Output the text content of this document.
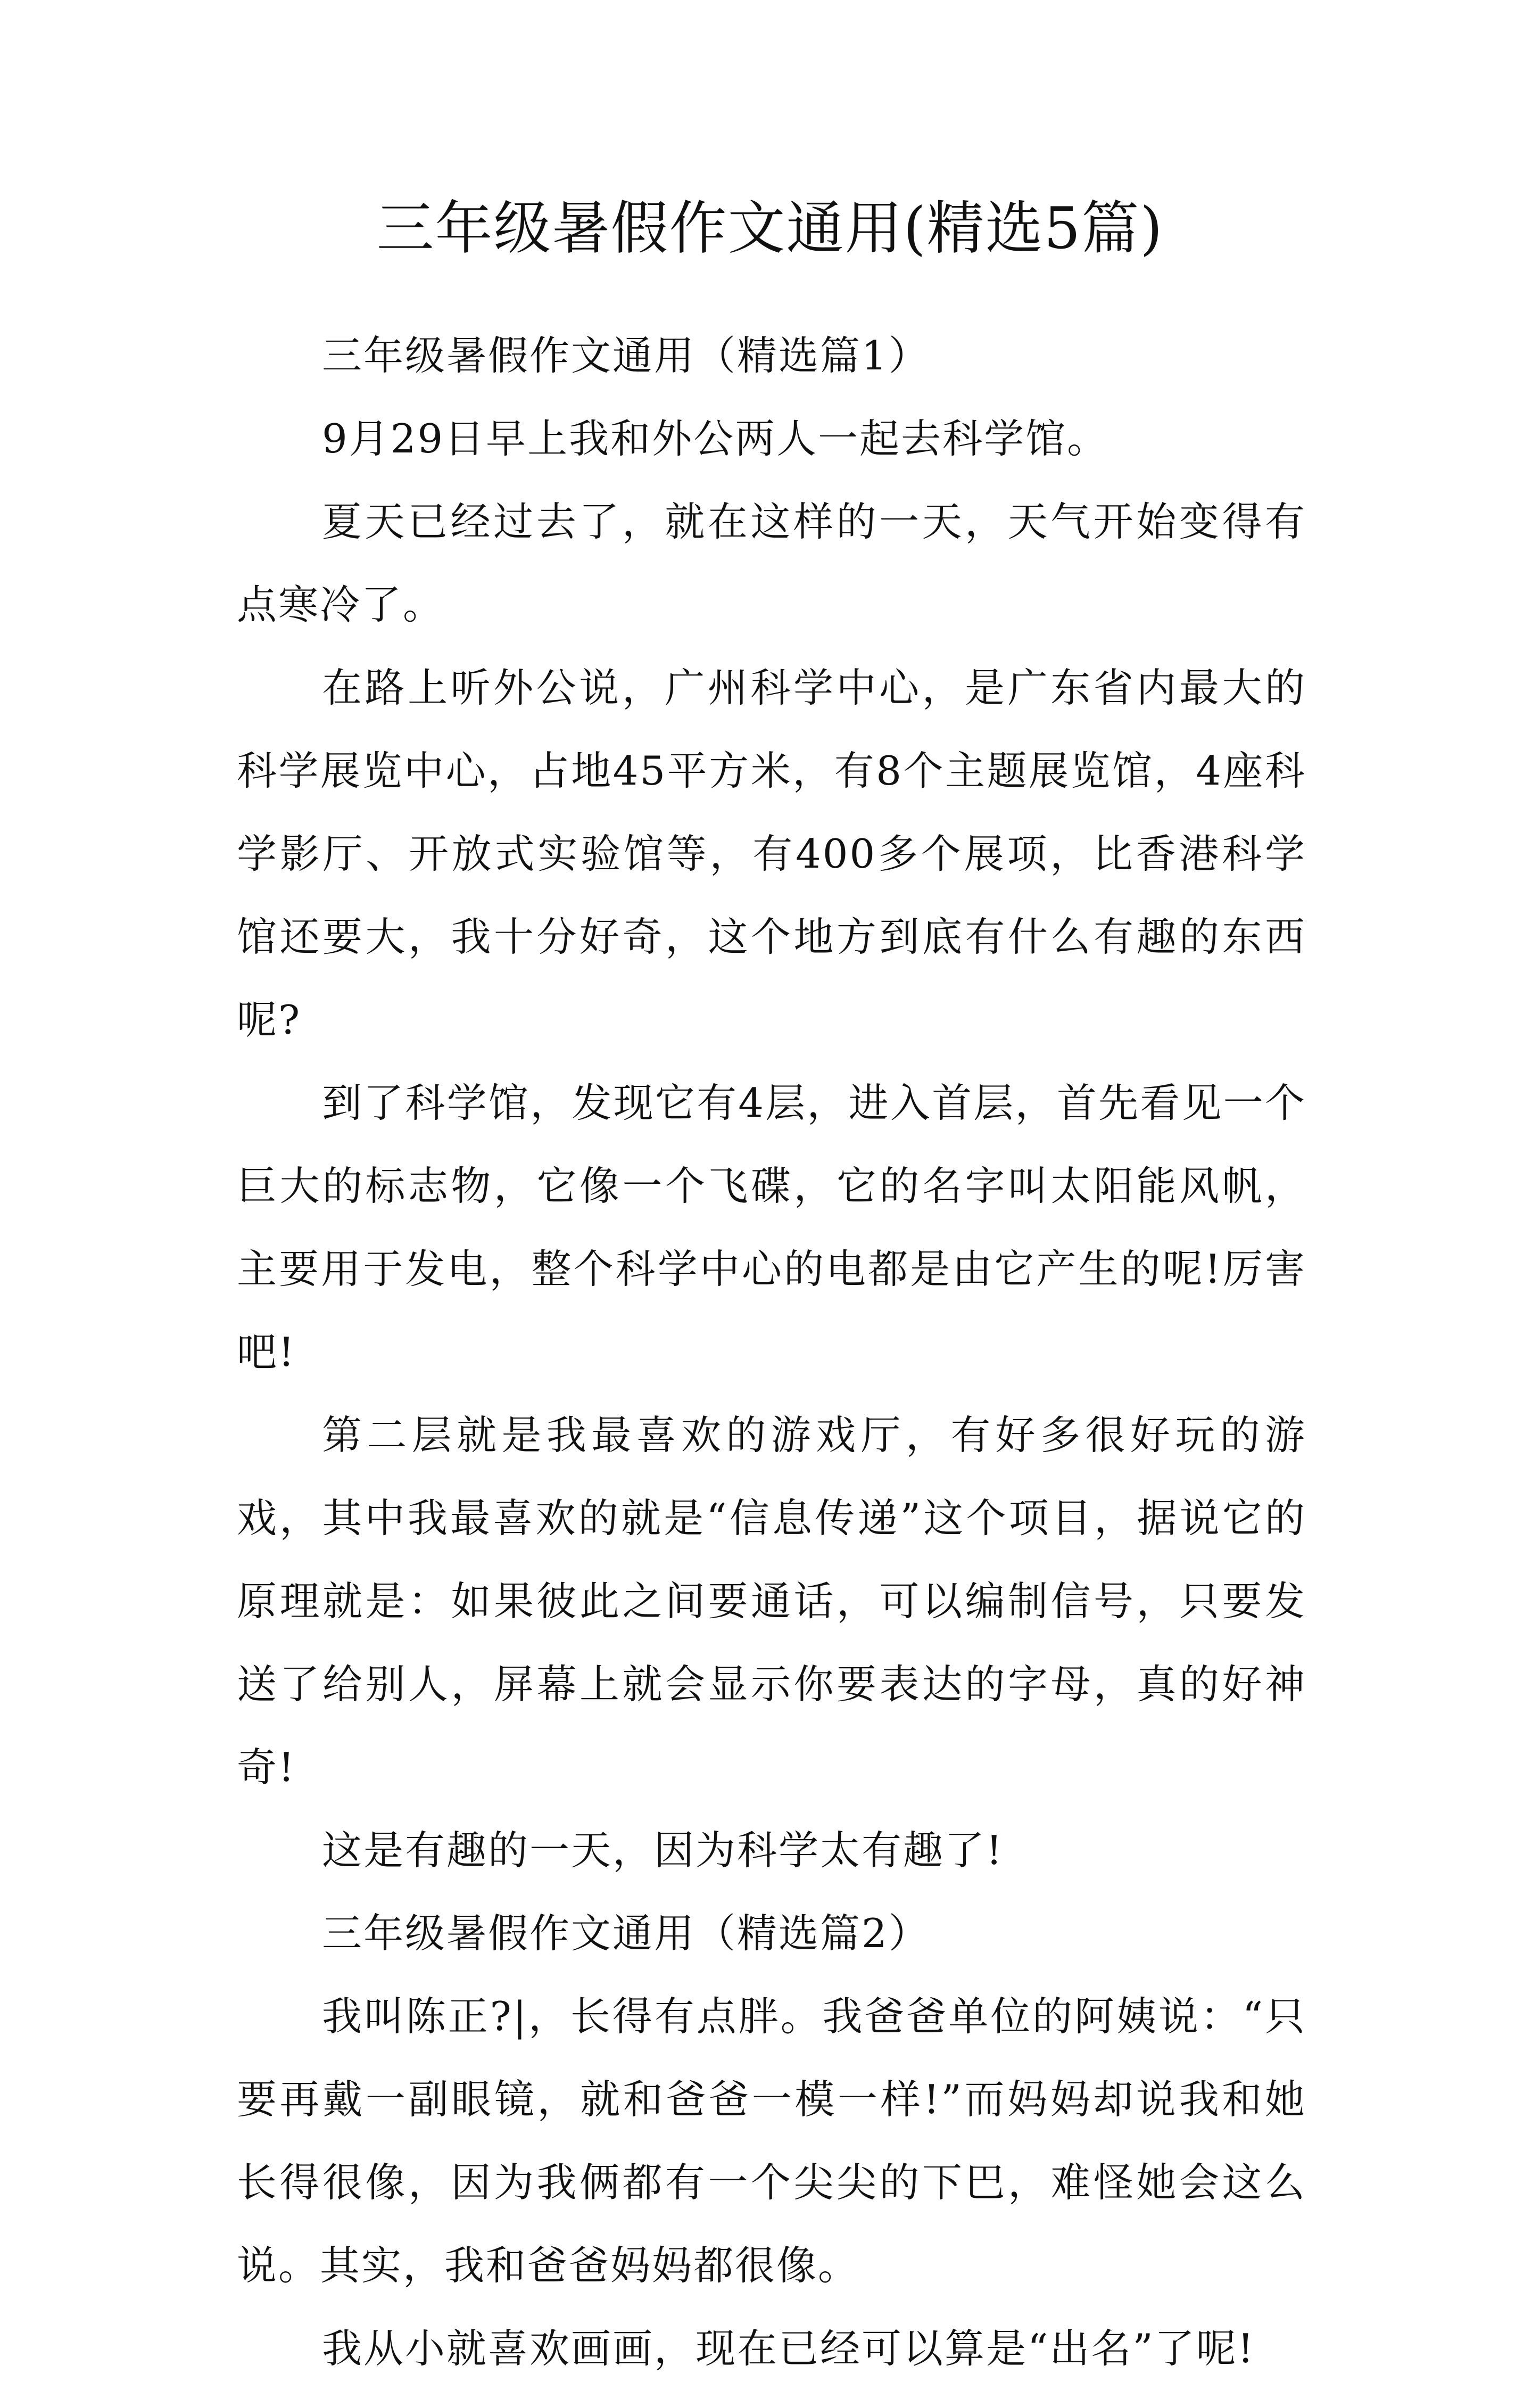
三年级暑假作文通用(精选5篇)

三年级暑假作文通用（精选篇1）

9月29日早上我和外公两人一起去科学馆。

夏天已经过去了，就在这样的一天，天气开始变得有点寒冷了。

在路上听外公说，广州科学中心，是广东省内最大的科学展览中心，占地45平方米，有8个主题展览馆，4座科学影厅、开放式实验馆等，有400多个展项，比香港科学馆还要大，我十分好奇，这个地方到底有什么有趣的东西呢?

到了科学馆，发现它有4层，进入首层，首先看见一个巨大的标志物，它像一个飞碟，它的名字叫太阳能风帆，主要用于发电，整个科学中心的电都是由它产生的呢!厉害吧!

第二层就是我最喜欢的游戏厅，有好多很好玩的游戏，其中我最喜欢的就是“信息传递”这个项目，据说它的原理就是：如果彼此之间要通话，可以编制信号，只要发送了给别人，屏幕上就会显示你要表达的字母，真的好神奇!

这是有趣的一天，因为科学太有趣了!

三年级暑假作文通用（精选篇2）

我叫陈正?|，长得有点胖。我爸爸单位的阿姨说：“只要再戴一副眼镜，就和爸爸一模一样!”而妈妈却说我和她长得很像，因为我俩都有一个尖尖的下巴，难怪她会这么说。其实，我和爸爸妈妈都很像。

我从小就喜欢画画，现在已经可以算是“出名”了呢!
